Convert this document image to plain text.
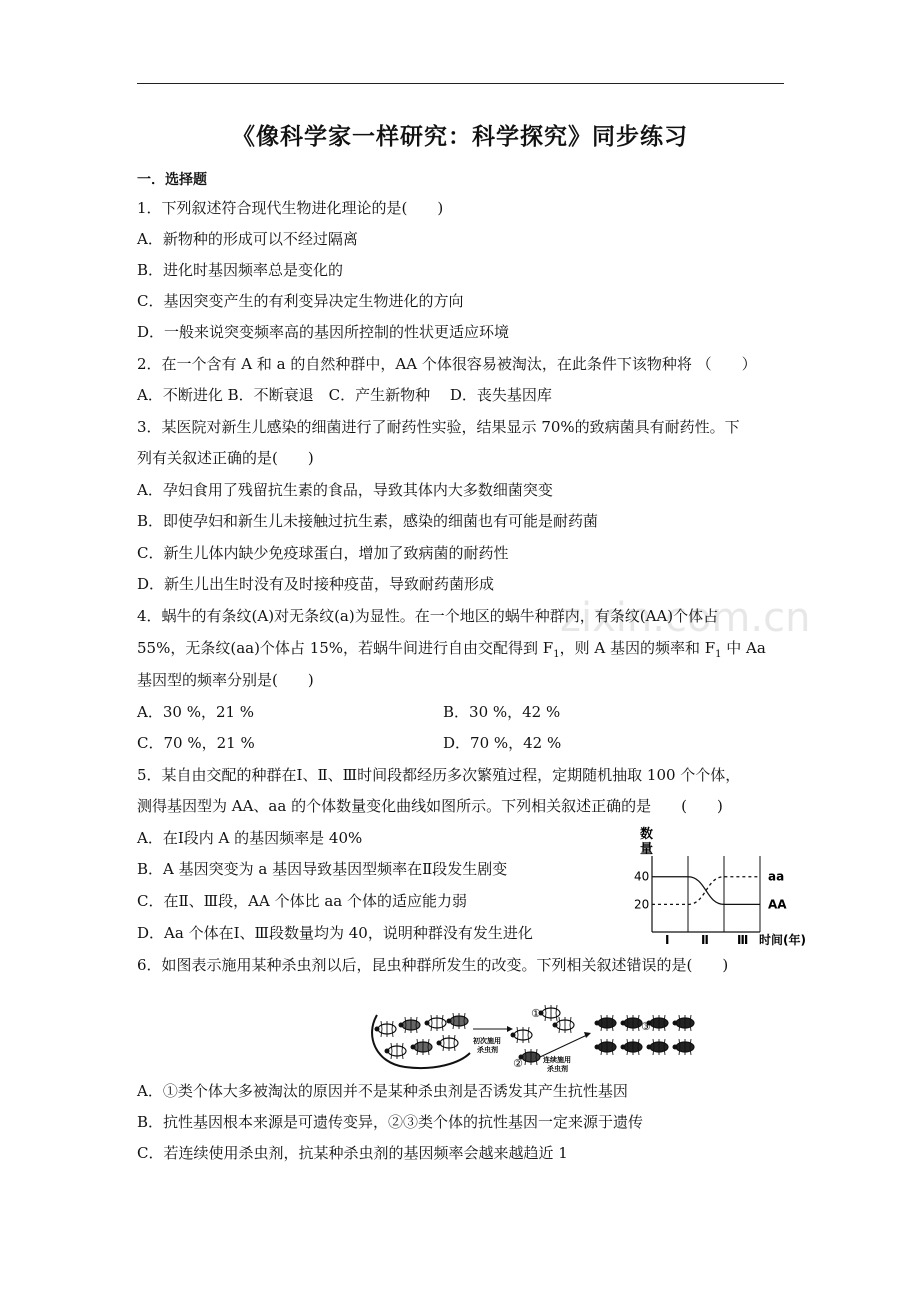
《像科学家一样研究：科学探究》同步练习
zixin.com.cn
一．选择题
1．下列叙述符合现代生物进化理论的是(　　)
A．新物种的形成可以不经过隔离
B．进化时基因频率总是变化的
C．基因突变产生的有利变异决定生物进化的方向
D．一般来说突变频率高的基因所控制的性状更适应环境
2．在一个含有 A 和 a 的自然种群中，AA 个体很容易被淘汰，在此条件下该物种将 （　　）
A．不断进化 B．不断衰退　C．产生新物种　 D．丧失基因库
3．某医院对新生儿感染的细菌进行了耐药性实验，结果显示 70%的致病菌具有耐药性。下
列有关叙述正确的是(　　)
A．孕妇食用了残留抗生素的食品，导致其体内大多数细菌突变
B．即使孕妇和新生儿未接触过抗生素，感染的细菌也有可能是耐药菌
C．新生儿体内缺少免疫球蛋白，增加了致病菌的耐药性
D．新生儿出生时没有及时接种疫苗，导致耐药菌形成
4．蜗牛的有条纹(A)对无条纹(a)为显性。在一个地区的蜗牛种群内，有条纹(AA)个体占
55%，无条纹(aa)个体占 15%，若蜗牛间进行自由交配得到 $F_1$，则 A 基因的频率和 $F_1$ 中 Aa
基因型的频率分别是(　　)
A．30 %，21 %	B．30 %，42 %
C．70 %，21 %	D．70 %，42 %
5．某自由交配的种群在Ⅰ、Ⅱ、Ⅲ时间段都经历多次繁殖过程，定期随机抽取 100 个个体，
测得基因型为 AA、aa 的个体数量变化曲线如图所示。下列相关叙述正确的是　　(　　)
A．在Ⅰ段内 A 的基因频率是 40%
B．A 基因突变为 a 基因导致基因型频率在Ⅱ段发生剧变
C．在Ⅱ、Ⅲ段，AA 个体比 aa 个体的适应能力弱
D．Aa 个体在Ⅰ、Ⅲ段数量均为 40，说明种群没有发生进化
数
量
20
40	aa
AA
Ⅰ	Ⅱ Ⅲ 时间(年)
6．如图表示施用某种杀虫剂以后，昆虫种群所发生的改变。下列相关叙述错误的是(　　)
初次施用
杀虫剂
连续施用
杀虫剂
①
②
③
A．①类个体大多被淘汰的原因并不是某种杀虫剂是否诱发其产生抗性基因
B．抗性基因根本来源是可遗传变异，②③类个体的抗性基因一定来源于遗传
C．若连续使用杀虫剂，抗某种杀虫剂的基因频率会越来越趋近 1
